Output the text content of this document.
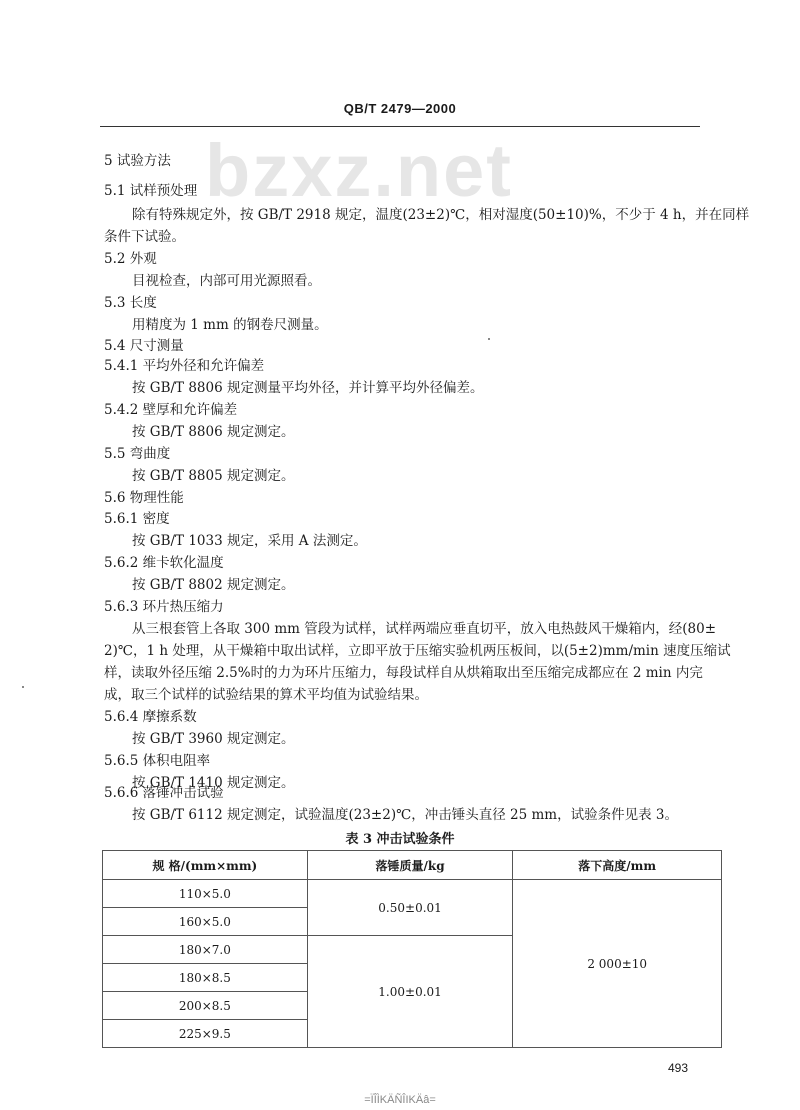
QB/T 2479—2000
bzxz.net
5 试验方法
5.1 试样预处理
除有特殊规定外，按 GB/T 2918 规定，温度(23±2)℃，相对湿度(50±10)%，不少于 4 h，并在同样
条件下试验。
5.2 外观
目视检查，内部可用光源照看。
5.3 长度
用精度为 1 mm 的钢卷尺测量。
5.4 尺寸测量
5.4.1 平均外径和允许偏差
按 GB/T 8806 规定测量平均外径，并计算平均外径偏差。
5.4.2 壁厚和允许偏差
按 GB/T 8806 规定测定。
5.5 弯曲度
按 GB/T 8805 规定测定。
5.6 物理性能
5.6.1 密度
按 GB/T 1033 规定，采用 A 法测定。
5.6.2 维卡软化温度
按 GB/T 8802 规定测定。
5.6.3 环片热压缩力
从三根套管上各取 300 mm 管段为试样，试样两端应垂直切平，放入电热鼓风干燥箱内，经(80±
2)℃，1 h 处理，从干燥箱中取出试样，立即平放于压缩实验机两压板间，以(5±2)mm/min 速度压缩试
样，读取外径压缩 2.5%时的力为环片压缩力，每段试样自从烘箱取出至压缩完成都应在 2 min 内完
成，取三个试样的试验结果的算术平均值为试验结果。
5.6.4 摩擦系数
按 GB/T 3960 规定测定。
5.6.5 体积电阻率
按 GB/T 1410 规定测定。
5.6.6 落锤冲击试验
按 GB/T 6112 规定测定，试验温度(23±2)℃，冲击锤头直径 25 mm，试验条件见表 3。
表 3 冲击试验条件
规 格/(mm×mm)	落锤质量/kg	落下高度/mm
110×5.0	0.50±0.01	2 000±10
160×5.0		
180×7.0	1.00±0.01	
180×8.5		
200×8.5		
225×9.5		
493
=ÏÎÌKÄÑÎIKÄâ=
